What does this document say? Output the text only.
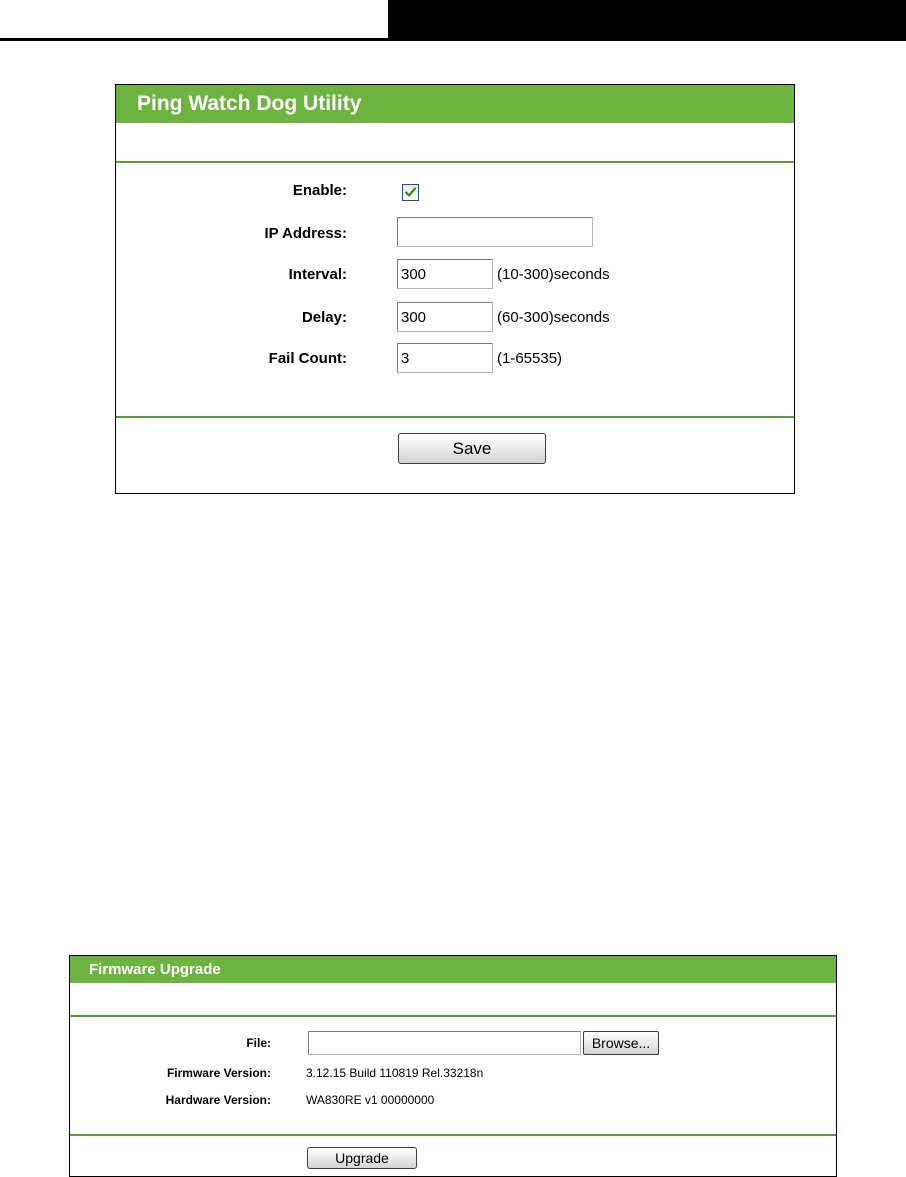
Ping Watch Dog Utility
Enable:
IP Address:
Interval:
300	(10-300)seconds
Delay:
300	(60-300)seconds
Fail Count:
3	(1-65535)
Save
Firmware Upgrade
File:	Browse...
Firmware Version:	3.12.15 Build 110819 Rel.33218n
Hardware Version:	WA830RE v1 00000000
Upgrade
